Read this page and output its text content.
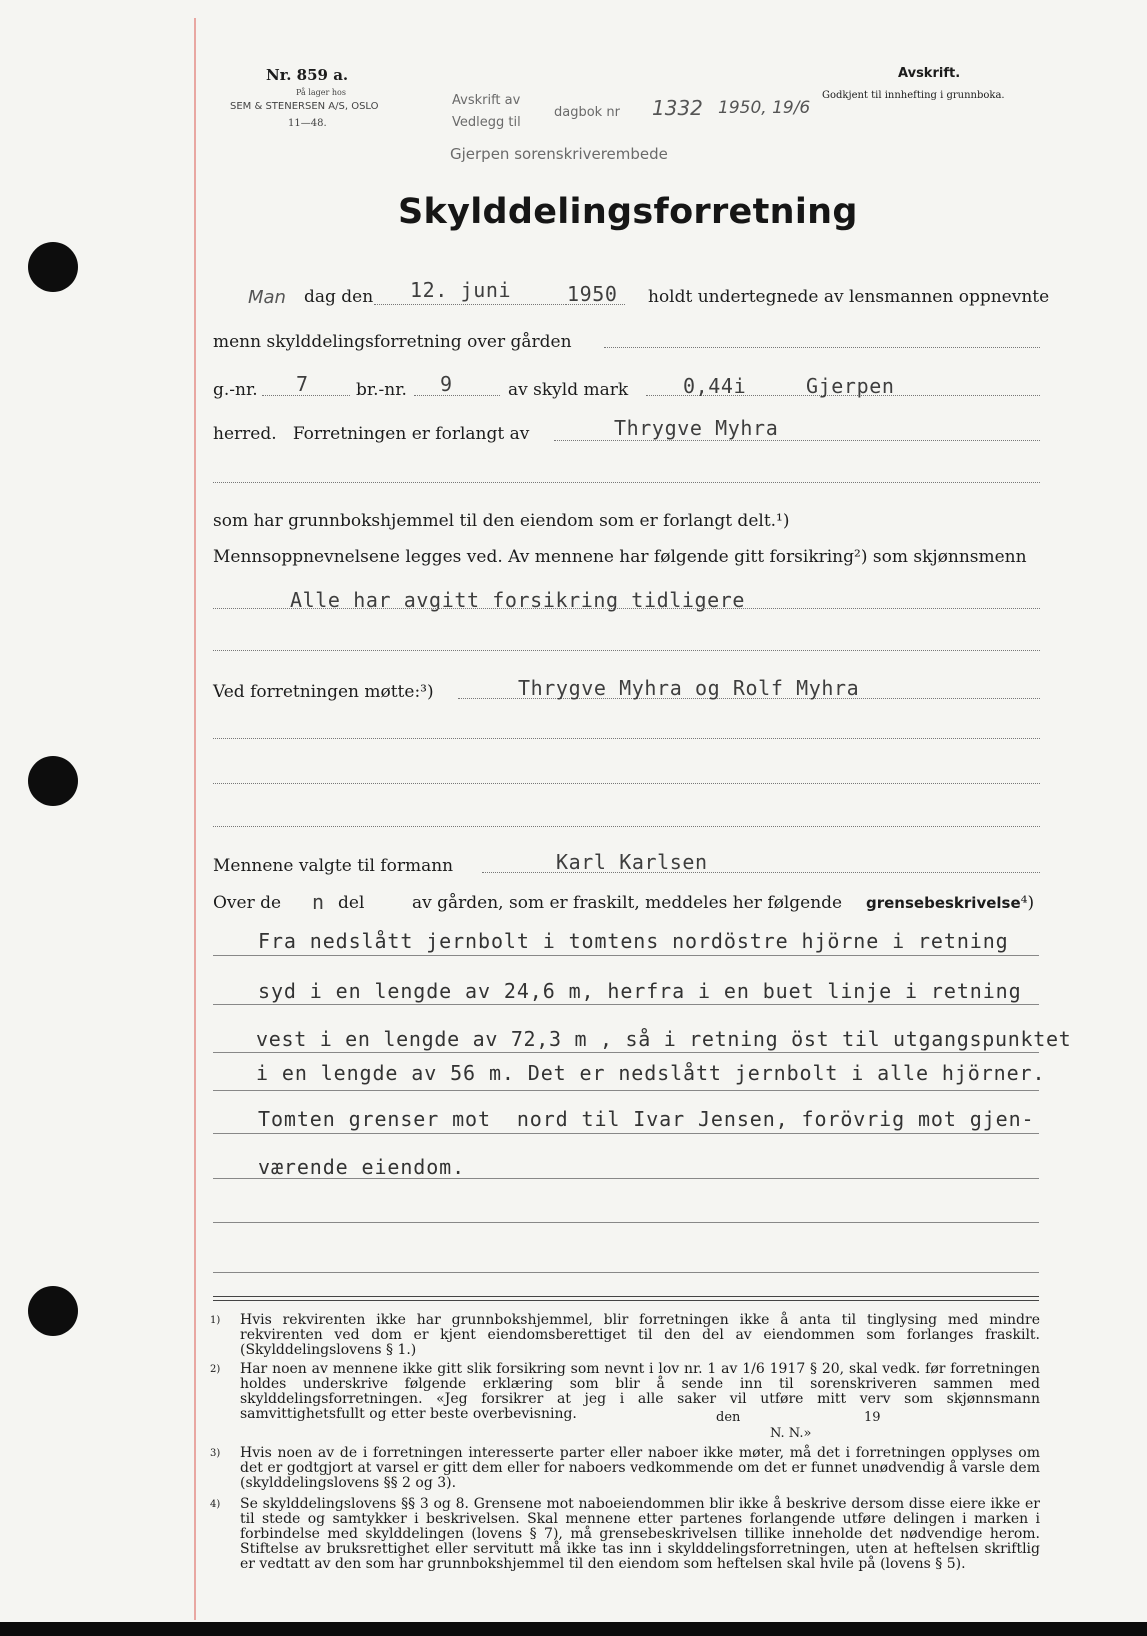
Nr. 859 a.
På lager hos
SEM & STENERSEN A/S, OSLO
11—48.
Avskrift av
Vedlegg til
dagbok nr 1332 1950, 19/6
Gjerpen sorenskriverembede
Avskrift.
Godkjent til innhefting i grunnboka.
Skylddelingsforretning
Man dag den 12. juni	1950 holdt undertegnede av lensmannen oppnevnte
menn skylddelingsforretning over gården
g.-nr. 7	br.-nr. 9	av skyld mark	0,44i	Gjerpen
herred.   Forretningen er forlangt av	Thrygve Myhra
som har grunnbokshjemmel til den eiendom som er forlangt delt.¹)
Mennsoppnevnelsene legges ved. Av mennene har følgende gitt forsikring²) som skjønnsmenn
Alle har avgitt forsikring tidligere
Ved forretningen møtte:³)	Thrygve Myhra og Rolf Myhra
Mennene valgte til formann	Karl Karlsen
Over de n del	av gården, som er fraskilt, meddeles her følgende grensebeskrivelse⁴)
Fra nedslått jernbolt i tomtens nordöstre hjörne i retning
syd i en lengde av 24,6 m, herfra i en buet linje i retning
vest i en lengde av 72,3 m , så i retning öst til utgangspunktet
i en lengde av 56 m. Det er nedslått jernbolt i alle hjörner.
Tomten grenser mot  nord til Ivar Jensen, forövrig mot gjen-
værende eiendom.
1) Hvis rekvirenten ikke har grunnbokshjemmel, blir forretningen ikke å anta til tinglysing med mindre rekvirenten ved dom er kjent eiendomsberettiget til den del av eiendommen som forlanges fraskilt. (Skylddelingslovens § 1.)
2) Har noen av mennene ikke gitt slik forsikring som nevnt i lov nr. 1 av 1/6 1917 § 20, skal vedk. før forretningen holdes underskrive følgende erklæring som blir å sende inn til sorenskriveren sammen med skylddelingsforretningen. «Jeg forsikrer at jeg i alle saker vil utføre mitt verv som skjønnsmann samvittighetsfullt og etter beste overbevisning.	den	19
N. N.»
3) Hvis noen av de i forretningen interesserte parter eller naboer ikke møter, må det i forretningen opplyses om det er godtgjort at varsel er gitt dem eller for naboers vedkommende om det er funnet unødvendig å varsle dem (skylddelingslovens §§ 2 og 3).
4) Se skylddelingslovens §§ 3 og 8. Grensene mot naboeiendommen blir ikke å beskrive dersom disse eiere ikke er til stede og samtykker i beskrivelsen. Skal mennene etter partenes forlangende utføre delingen i marken i forbindelse med skylddelingen (lovens § 7), må grensebeskrivelsen tillike inneholde det nødvendige herom. Stiftelse av bruksrettighet eller servitutt må ikke tas inn i skylddelingsforretningen, uten at heftelsen skriftlig er vedtatt av den som har grunnbokshjemmel til den eiendom som heftelsen skal hvile på (lovens § 5).
